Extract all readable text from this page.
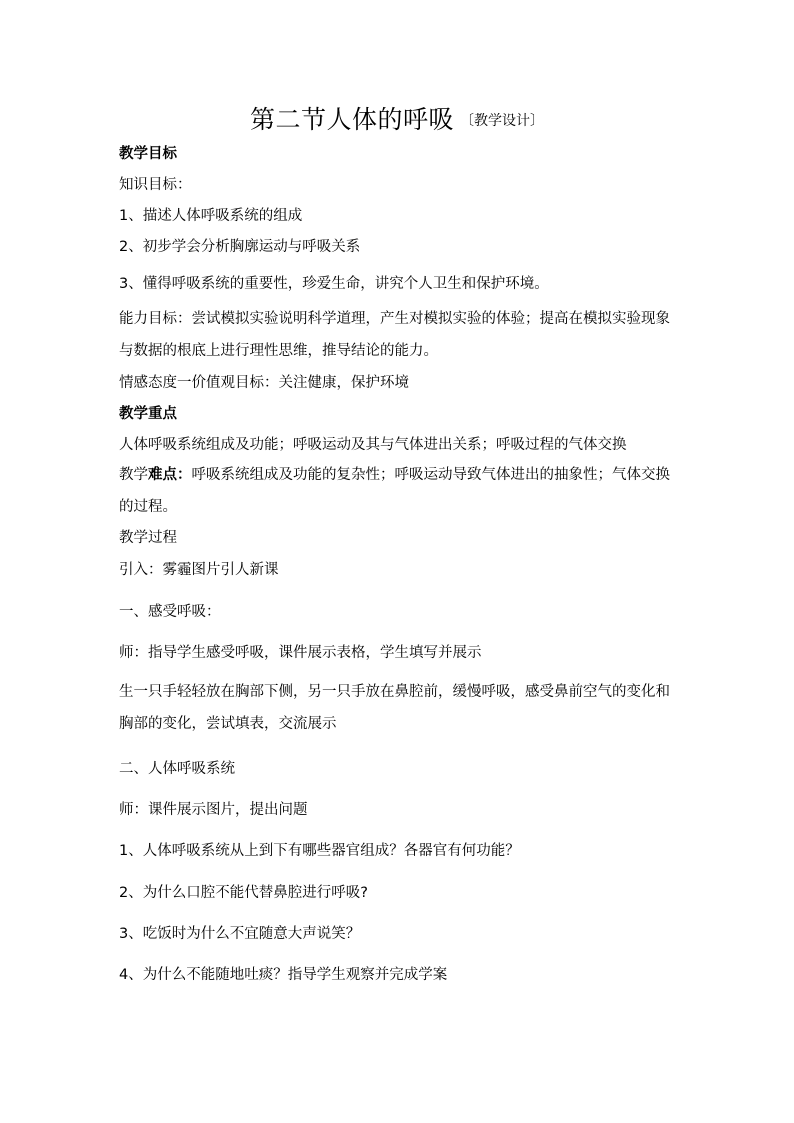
第二节人体的呼吸 〔教学设计〕
教学目标
知识目标：
1、描述人体呼吸系统的组成
2、初步学会分析胸廓运动与呼吸关系
3、懂得呼吸系统的重要性，珍爱生命，讲究个人卫生和保护环境。
能力目标：尝试模拟实验说明科学道理，产生对模拟实验的体验；提高在模拟实验现象与数据的根底上进行理性思维，推导结论的能力。
情感态度一价值观目标：关注健康，保护环境
教学重点
人体呼吸系统组成及功能；呼吸运动及其与气体进出关系；呼吸过程的气体交换
教学难点：呼吸系统组成及功能的复杂性；呼吸运动导致气体进出的抽象性；气体交换的过程。
教学过程
引入：雾霾图片引人新课
一、感受呼吸：
师：指导学生感受呼吸，课件展示表格，学生填写并展示
生一只手轻轻放在胸部下侧，另一只手放在鼻腔前，缓慢呼吸，感受鼻前空气的变化和胸部的变化，尝试填表，交流展示
二、人体呼吸系统
师：课件展示图片，提出问题
1、人体呼吸系统从上到下有哪些器官组成？各器官有何功能？
2、为什么口腔不能代替鼻腔进行呼吸?
3、吃饭时为什么不宜随意大声说笑？
4、为什么不能随地吐痰？指导学生观察并完成学案
